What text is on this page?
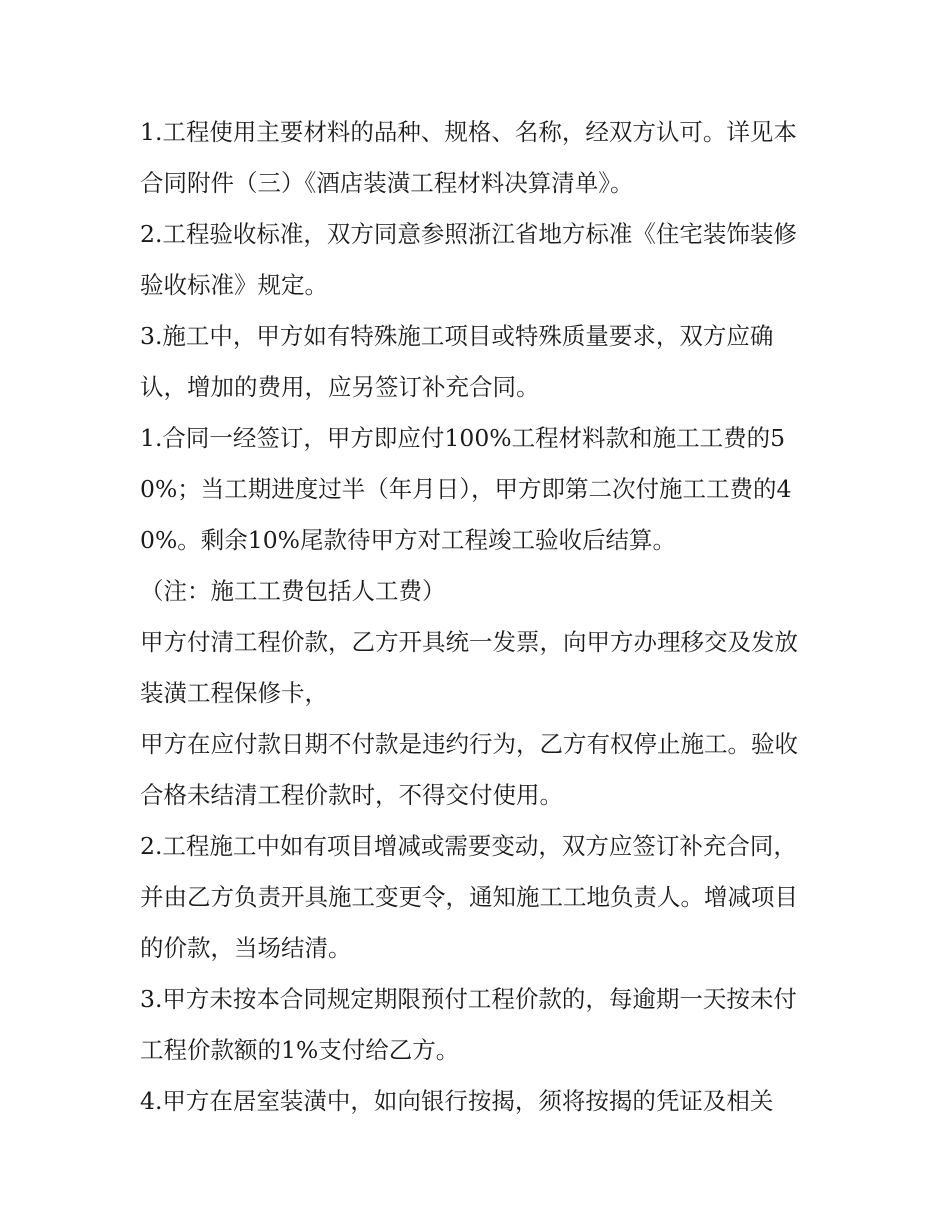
1.工程使用主要材料的品种、规格、名称，经双方认可。详见本合同附件（三）《酒店装潢工程材料决算清单》。

2.工程验收标准，双方同意参照浙江省地方标准《住宅装饰装修验收标准》规定。

3.施工中，甲方如有特殊施工项目或特殊质量要求，双方应确认，增加的费用，应另签订补充合同。

1.合同一经签订，甲方即应付100%工程材料款和施工工费的50%；当工期进度过半（年月日），甲方即第二次付施工工费的40%。剩余10%尾款待甲方对工程竣工验收后结算。

（注：施工工费包括人工费）

甲方付清工程价款，乙方开具统一发票，向甲方办理移交及发放装潢工程保修卡，

甲方在应付款日期不付款是违约行为，乙方有权停止施工。验收合格未结清工程价款时，不得交付使用。

2.工程施工中如有项目增减或需要变动，双方应签订补充合同，并由乙方负责开具施工变更令，通知施工工地负责人。增减项目的价款，当场结清。

3.甲方未按本合同规定期限预付工程价款的，每逾期一天按未付工程价款额的1%支付给乙方。

4.甲方在居室装潢中，如向银行按揭，须将按揭的凭证及相关
